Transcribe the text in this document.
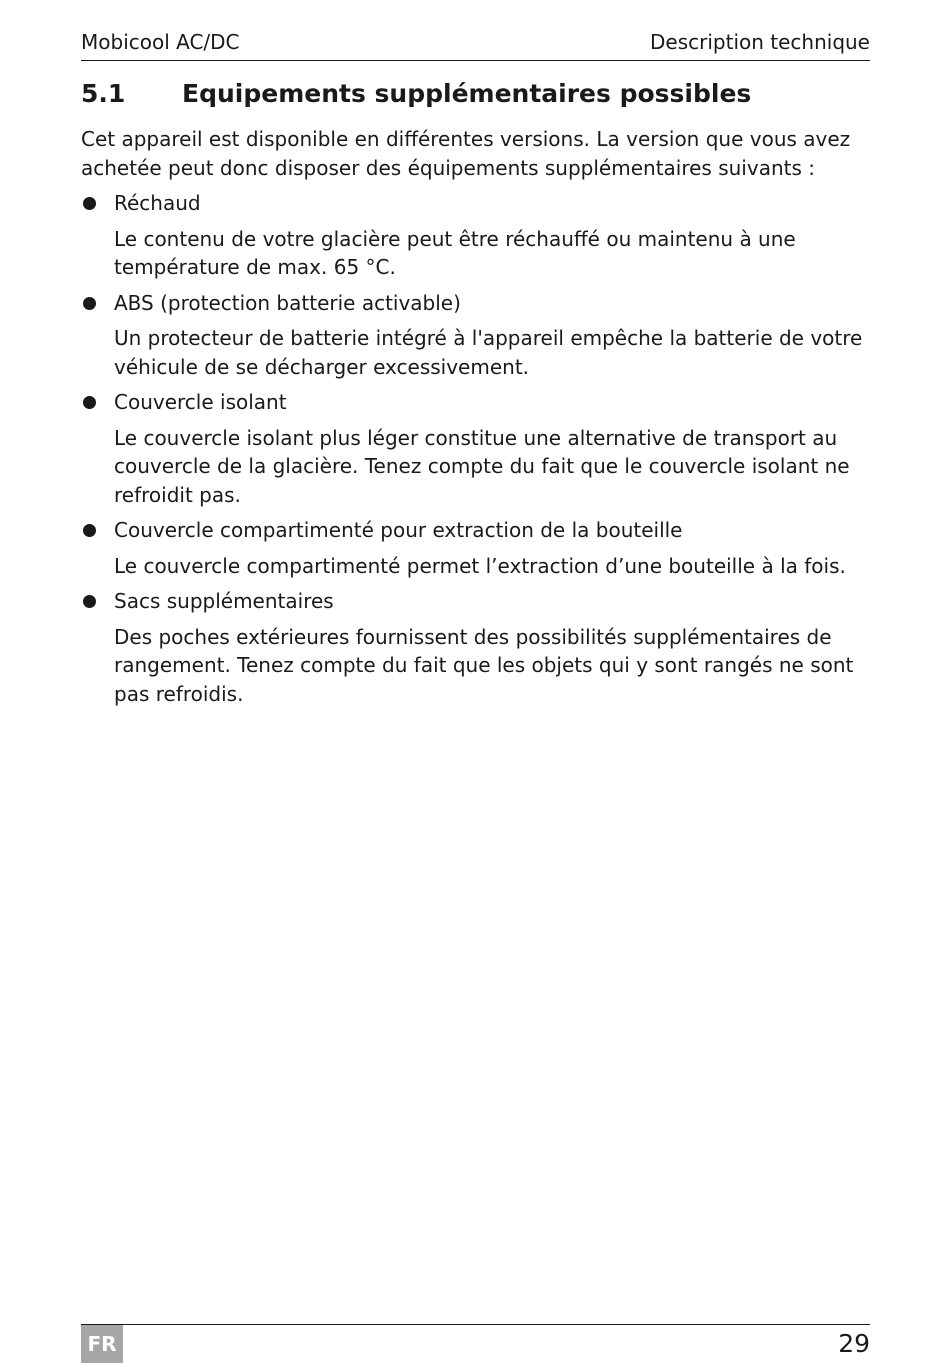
Mobicool AC/DC	Description technique
5.1 Equipements supplémentaires possibles

Cet appareil est disponible en différentes versions. La version que vous avez achetée peut donc disposer des équipements supplémentaires suivants :

Réchaud

Le contenu de votre glacière peut être réchauffé ou maintenu à une température de max. 65 °C.

ABS (protection batterie activable)

Un protecteur de batterie intégré à l'appareil empêche la batterie de votre véhicule de se décharger excessivement.

Couvercle isolant

Le couvercle isolant plus léger constitue une alternative de transport au couvercle de la glacière. Tenez compte du fait que le couvercle isolant ne refroidit pas.

Couvercle compartimenté pour extraction de la bouteille

Le couvercle compartimenté permet l’extraction d’une bouteille à la fois.

Sacs supplémentaires

Des poches extérieures fournissent des possibilités supplémentaires de rangement. Tenez compte du fait que les objets qui y sont rangés ne sont pas refroidis.

FR	29
